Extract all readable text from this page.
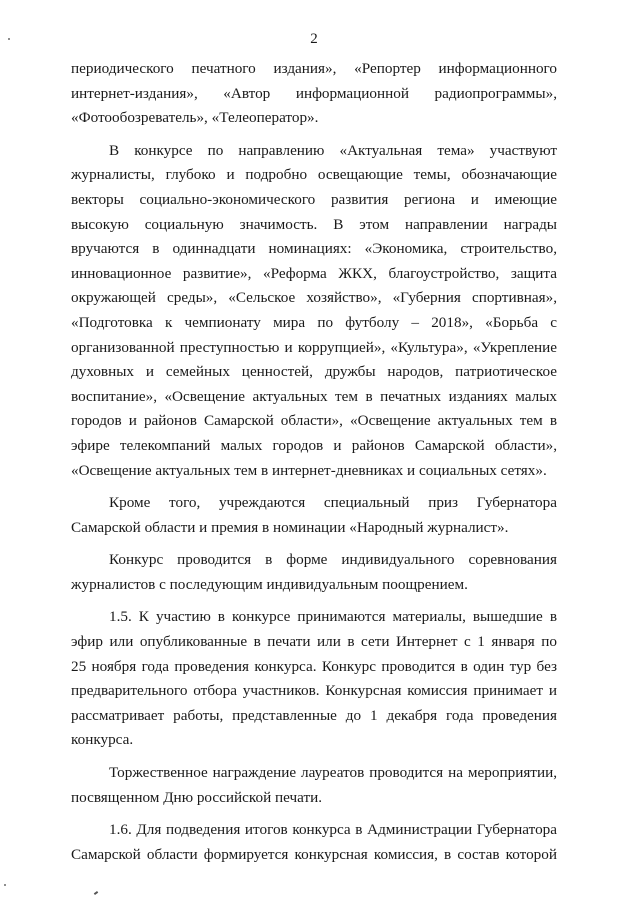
2
периодического печатного издания», «Репортер информационного
интернет-издания», «Автор информационной радиопрограммы»,
«Фотообозреватель», «Телеоператор».
В конкурсе по направлению «Актуальная тема» участвуют
журналисты, глубоко и подробно освещающие темы, обозначающие
векторы социально-экономического развития региона и имеющие
высокую социальную значимость. В этом направлении награды
вручаются в одиннадцати номинациях: «Экономика, строительство,
инновационное развитие», «Реформа ЖКХ, благоустройство, защита
окружающей среды», «Сельское хозяйство», «Губерния спортивная»,
«Подготовка к чемпионату мира по футболу – 2018», «Борьба с
организованной преступностью и коррупцией», «Культура», «Укрепление
духовных и семейных ценностей, дружбы народов, патриотическое
воспитание», «Освещение актуальных тем в печатных изданиях малых
городов и районов Самарской области», «Освещение актуальных тем в
эфире телекомпаний малых городов и районов Самарской области»,
«Освещение актуальных тем в интернет-дневниках и социальных сетях».
Кроме того, учреждаются специальный приз Губернатора
Самарской области и премия в номинации «Народный журналист».
Конкурс проводится в форме индивидуального соревнования
журналистов с последующим индивидуальным поощрением.
1.5. К участию в конкурсе принимаются материалы, вышедшие в
эфир или опубликованные в печати или в сети Интернет с 1 января по
25 ноября года проведения конкурса. Конкурс проводится в один тур без
предварительного отбора участников. Конкурсная комиссия принимает и
рассматривает работы, представленные до 1 декабря года проведения
конкурса.
Торжественное награждение лауреатов проводится на мероприятии,
посвященном Дню российской печати.
1.6. Для подведения итогов конкурса в Администрации Губернатора
Самарской области формируется конкурсная комиссия, в состав которой
